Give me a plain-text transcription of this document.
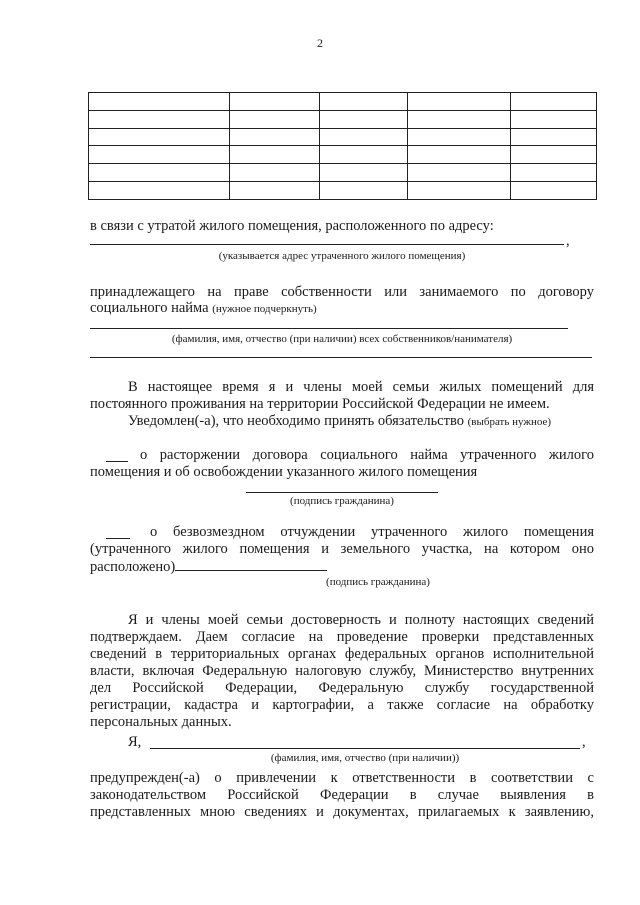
2

в связи с утратой жилого помещения, расположенного по адресу:
,
(указывается адрес утраченного жилого помещения)
принадлежащего на праве собственности или занимаемого по договору
социального найма (нужное подчеркнуть)
(фамилия, имя, отчество (при наличии) всех собственников/нанимателя)
В настоящее время я и члены моей семьи жилых помещений для
постоянного проживания на территории Российской Федерации не имеем.
Уведомлен(-а), что необходимо принять обязательство (выбрать нужное)
о расторжении договора социального найма утраченного жилого
помещения и об освобождении указанного жилого помещения
(подпись гражданина)
о безвозмездном отчуждении утраченного жилого помещения
(утраченного жилого помещения и земельного участка, на котором оно
расположено)
(подпись гражданина)
Я и члены моей семьи достоверность и полноту настоящих сведений
подтверждаем. Даем согласие на проведение проверки представленных
сведений в территориальных органах федеральных органов исполнительной
власти, включая Федеральную налоговую службу, Министерство внутренних
дел Российской Федерации, Федеральную службу государственной
регистрации, кадастра и картографии, а также согласие на обработку
персональных данных.
Я,	,
(фамилия, имя, отчество (при наличии))
предупрежден(-а) о привлечении к ответственности в соответствии с
законодательством Российской Федерации в случае выявления в
представленных мною сведениях и документах, прилагаемых к заявлению,
